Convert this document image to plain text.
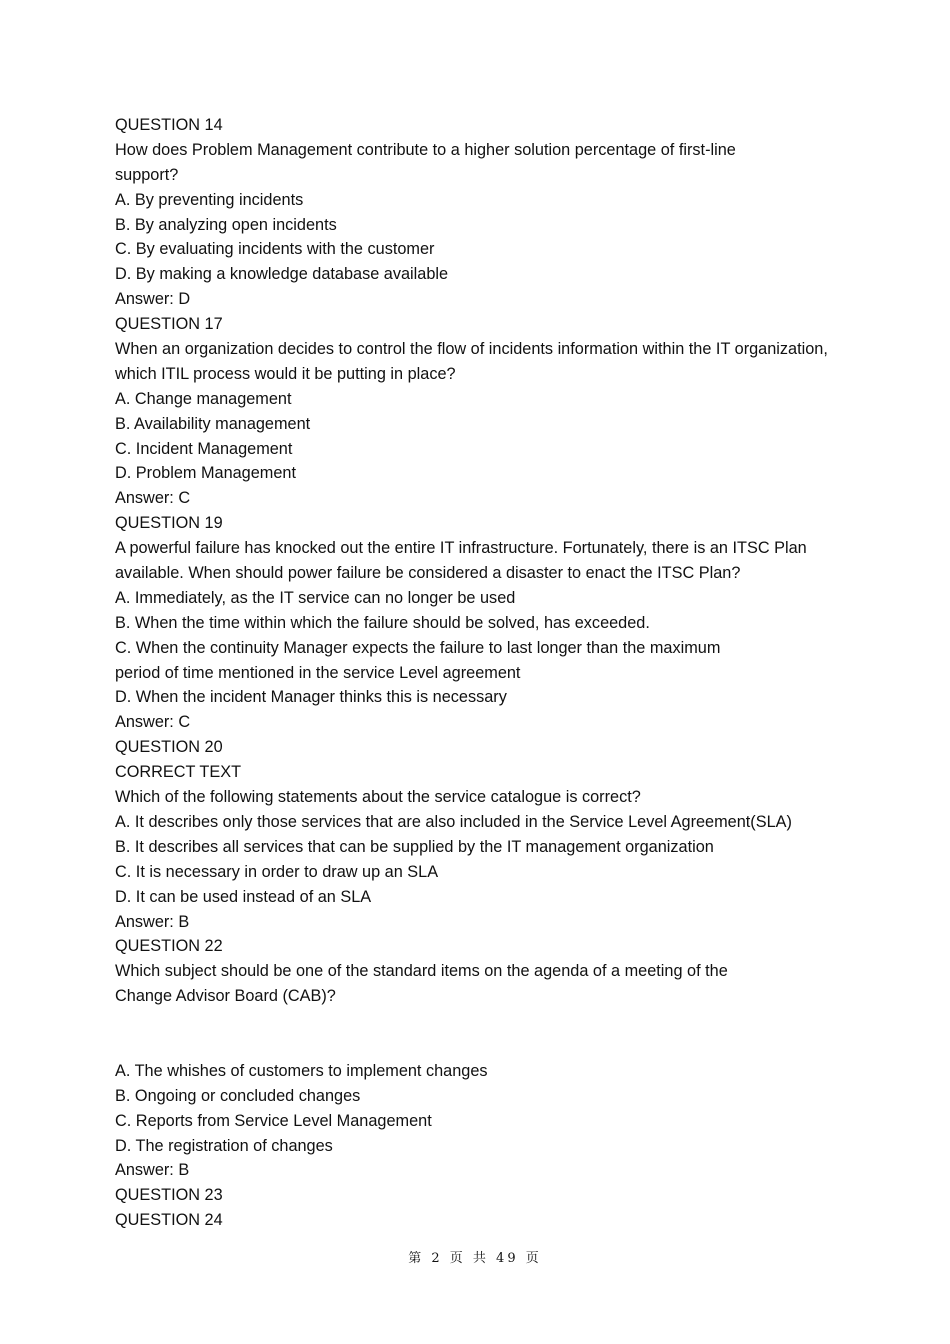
QUESTION 14
How does Problem Management contribute to a higher solution percentage of first-line
support?
A. By preventing incidents
B. By analyzing open incidents
C. By evaluating incidents with the customer
D. By making a knowledge database available
Answer: D
QUESTION 17
When an organization decides to control the flow of incidents information within the IT organization,
which ITIL process would it be putting in place?
A. Change management
B. Availability management
C. Incident Management
D. Problem Management
Answer: C
QUESTION 19
A powerful failure has knocked out the entire IT infrastructure. Fortunately, there is an ITSC Plan
available. When should power failure be considered a disaster to enact the ITSC Plan?
A. Immediately, as the IT service can no longer be used
B. When the time within which the failure should be solved, has exceeded.
C. When the continuity Manager expects the failure to last longer than the maximum
period of time mentioned in the service Level agreement
D. When the incident Manager thinks this is necessary
Answer: C
QUESTION 20
CORRECT TEXT
Which of the following statements about the service catalogue is correct?
A. It describes only those services that are also included in the Service Level Agreement(SLA)
B. It describes all services that can be supplied by the IT management organization
C. It is necessary in order to draw up an SLA
D. It can be used instead of an SLA
Answer: B
QUESTION 22
Which subject should be one of the standard items on the agenda of a meeting of the
Change Advisor Board (CAB)?
A. The whishes of customers to implement changes
B. Ongoing or concluded changes
C. Reports from Service Level Management
D. The registration of changes
Answer: B
QUESTION 23
QUESTION 24
第 2 页 共 49 页
